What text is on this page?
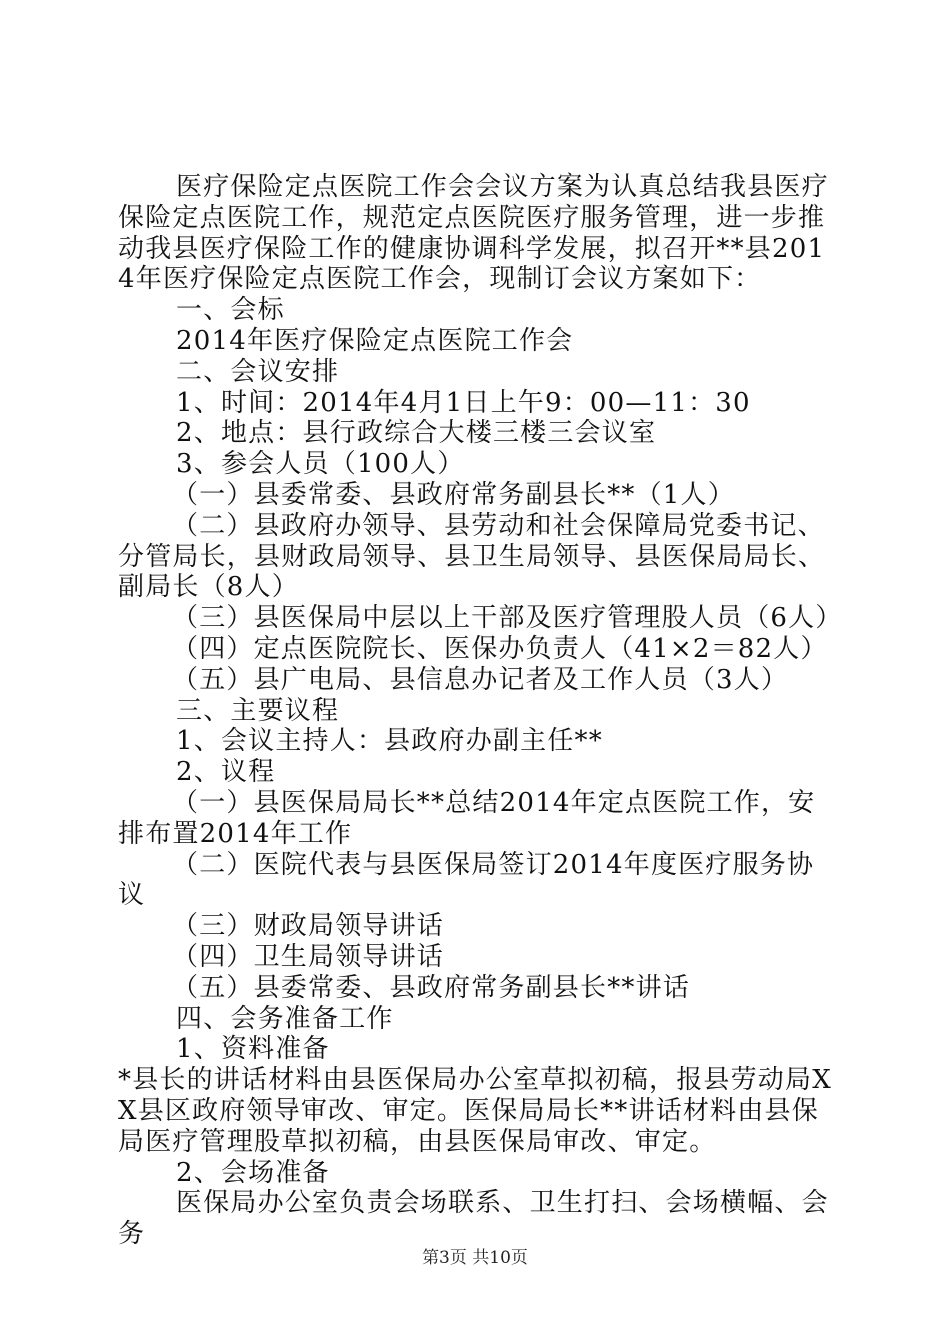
医疗保险定点医院工作会会议方案为认真总结我县医疗保险定点医院工作，规范定点医院医疗服务管理，进一步推动我县医疗保险工作的健康协调科学发展，拟召开**县2014年医疗保险定点医院工作会，现制订会议方案如下：

一、会标

2014年医疗保险定点医院工作会

二、会议安排

1、时间：2014年4月1日上午9：00—11：30

2、地点：县行政综合大楼三楼三会议室

3、参会人员（100人）

（一）县委常委、县政府常务副县长**（1人）

（二）县政府办领导、县劳动和社会保障局党委书记、分管局长，县财政局领导、县卫生局领导、县医保局局长、副局长（8人）

（三）县医保局中层以上干部及医疗管理股人员（6人）

（四）定点医院院长、医保办负责人（41×2＝82人）

（五）县广电局、县信息办记者及工作人员（3人）

三、主要议程

1、会议主持人：县政府办副主任**

2、议程

（一）县医保局局长**总结2014年定点医院工作，安排布置2014年工作

（二）医院代表与县医保局签订2014年度医疗服务协议

（三）财政局领导讲话

（四）卫生局领导讲话

（五）县委常委、县政府常务副县长**讲话

四、会务准备工作

1、资料准备

*县长的讲话材料由县医保局办公室草拟初稿，报县劳动局XX县区政府领导审改、审定。医保局局长**讲话材料由县保局医疗管理股草拟初稿，由县医保局审改、审定。

2、会场准备

医保局办公室负责会场联系、卫生打扫、会场横幅、会务

第3页 共10页
